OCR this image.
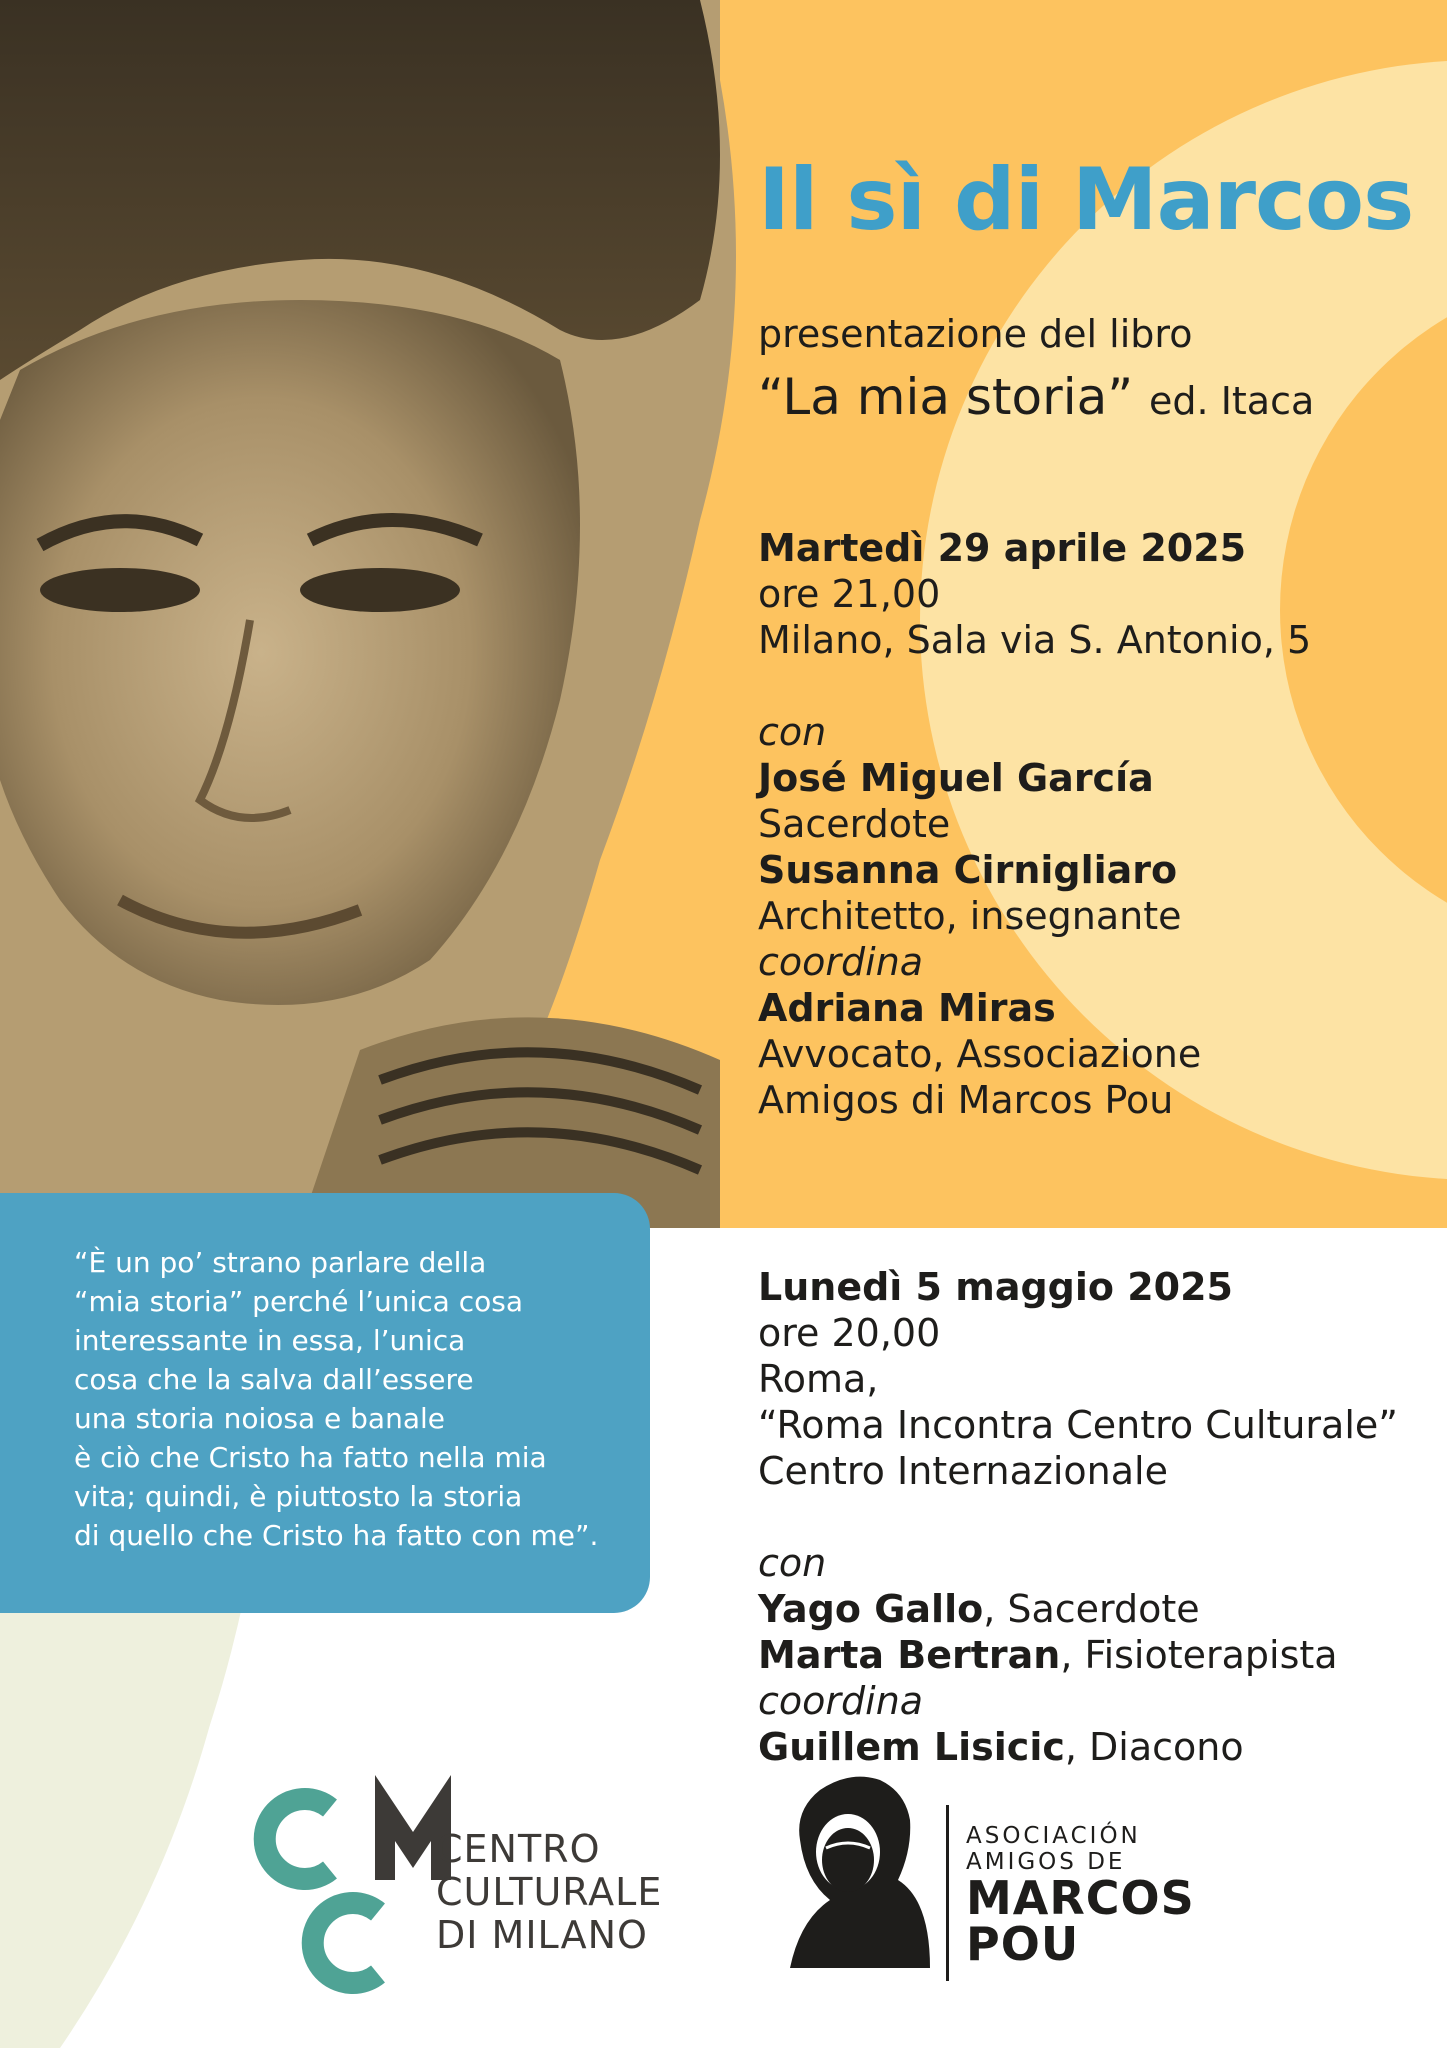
Il sì di Marcos

presentazione del libro

“La mia storia” ed. Itaca

Martedì 29 aprile 2025
ore 21,00
Milano, Sala via S. Antonio, 5
con
José Miguel García
Sacerdote
Susanna Cirnigliaro
Architetto, insegnante
coordina
Adriana Miras
Avvocato, Associazione
Amigos di Marcos Pou

“È un po’ strano parlare della
“mia storia” perché l’unica cosa
interessante in essa, l’unica
cosa che la salva dall’essere
una storia noiosa e banale
è ciò che Cristo ha fatto nella mia
vita; quindi, è piuttosto la storia
di quello che Cristo ha fatto con me”.

Lunedì 5 maggio 2025
ore 20,00
Roma,
“Roma Incontra Centro Culturale”
Centro Internazionale
con
Yago Gallo, Sacerdote
Marta Bertran, Fisioterapista
coordina
Guillem Lisicic, Diacono

CENTRO
CULTURALE
DI MILANO

ASOCIACIÓN
AMIGOS DE
MARCOS
POU
